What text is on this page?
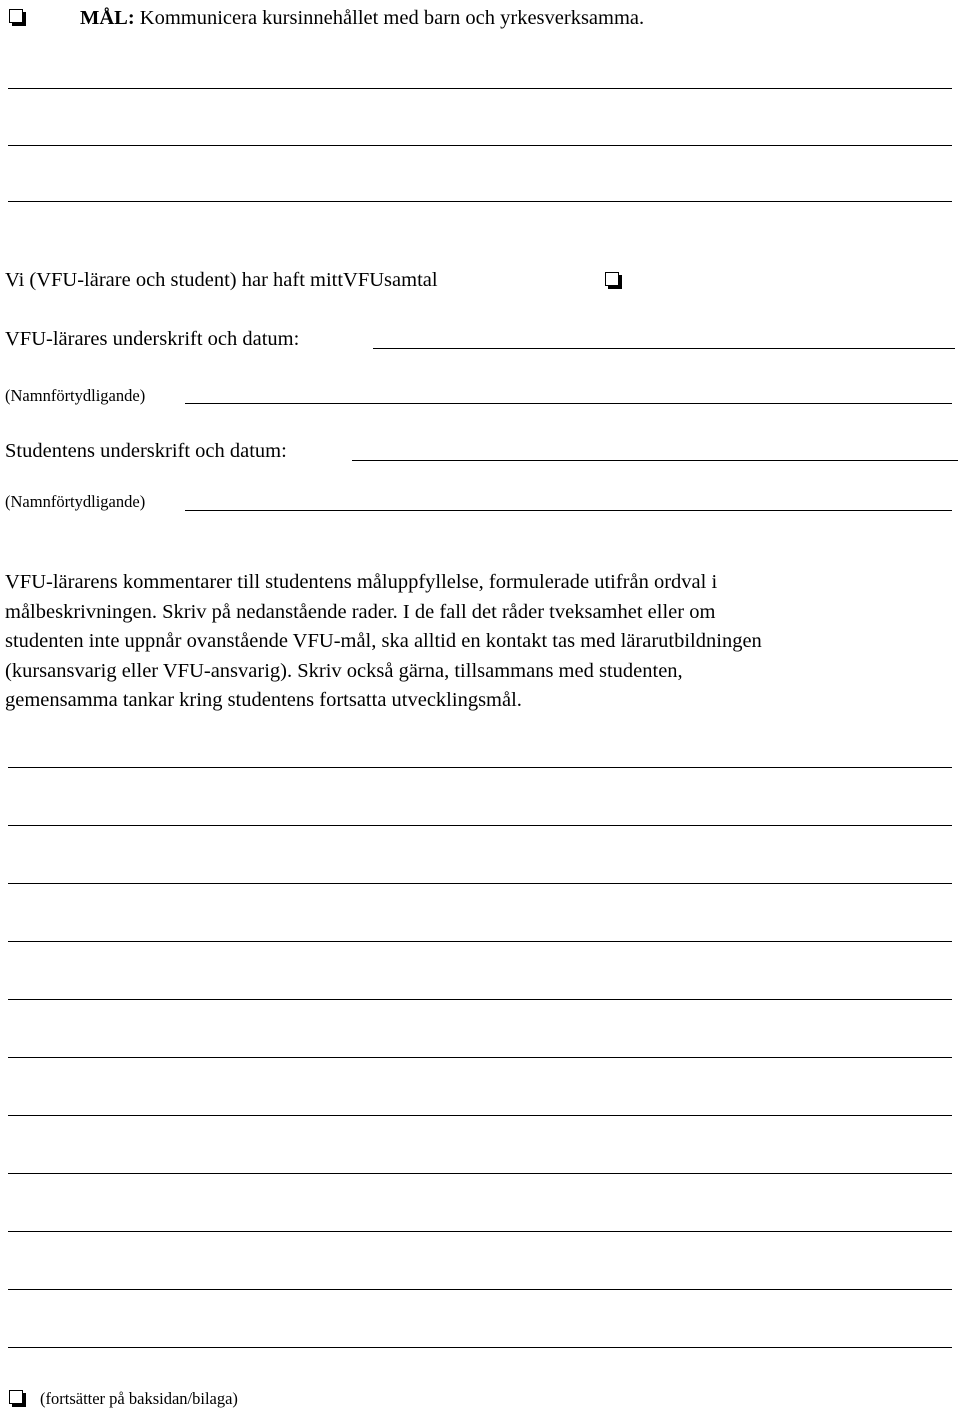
MÅL: Kommunicera kursinnehållet med barn och yrkesverksamma.
Vi (VFU-lärare och student) har haft mittVFUsamtal
VFU-lärares underskrift och datum:
(Namnförtydligande)
Studentens underskrift och datum:
(Namnförtydligande)
VFU-lärarens kommentarer till studentens måluppfyllelse, formulerade utifrån ordval i
målbeskrivningen. Skriv på nedanstående rader. I de fall det råder tveksamhet eller om
studenten inte uppnår ovanstående VFU-mål, ska alltid en kontakt tas med lärarutbildningen
(kursansvarig eller VFU-ansvarig). Skriv också gärna, tillsammans med studenten,
gemensamma tankar kring studentens fortsatta utvecklingsmål.
(fortsätter på baksidan/bilaga)
